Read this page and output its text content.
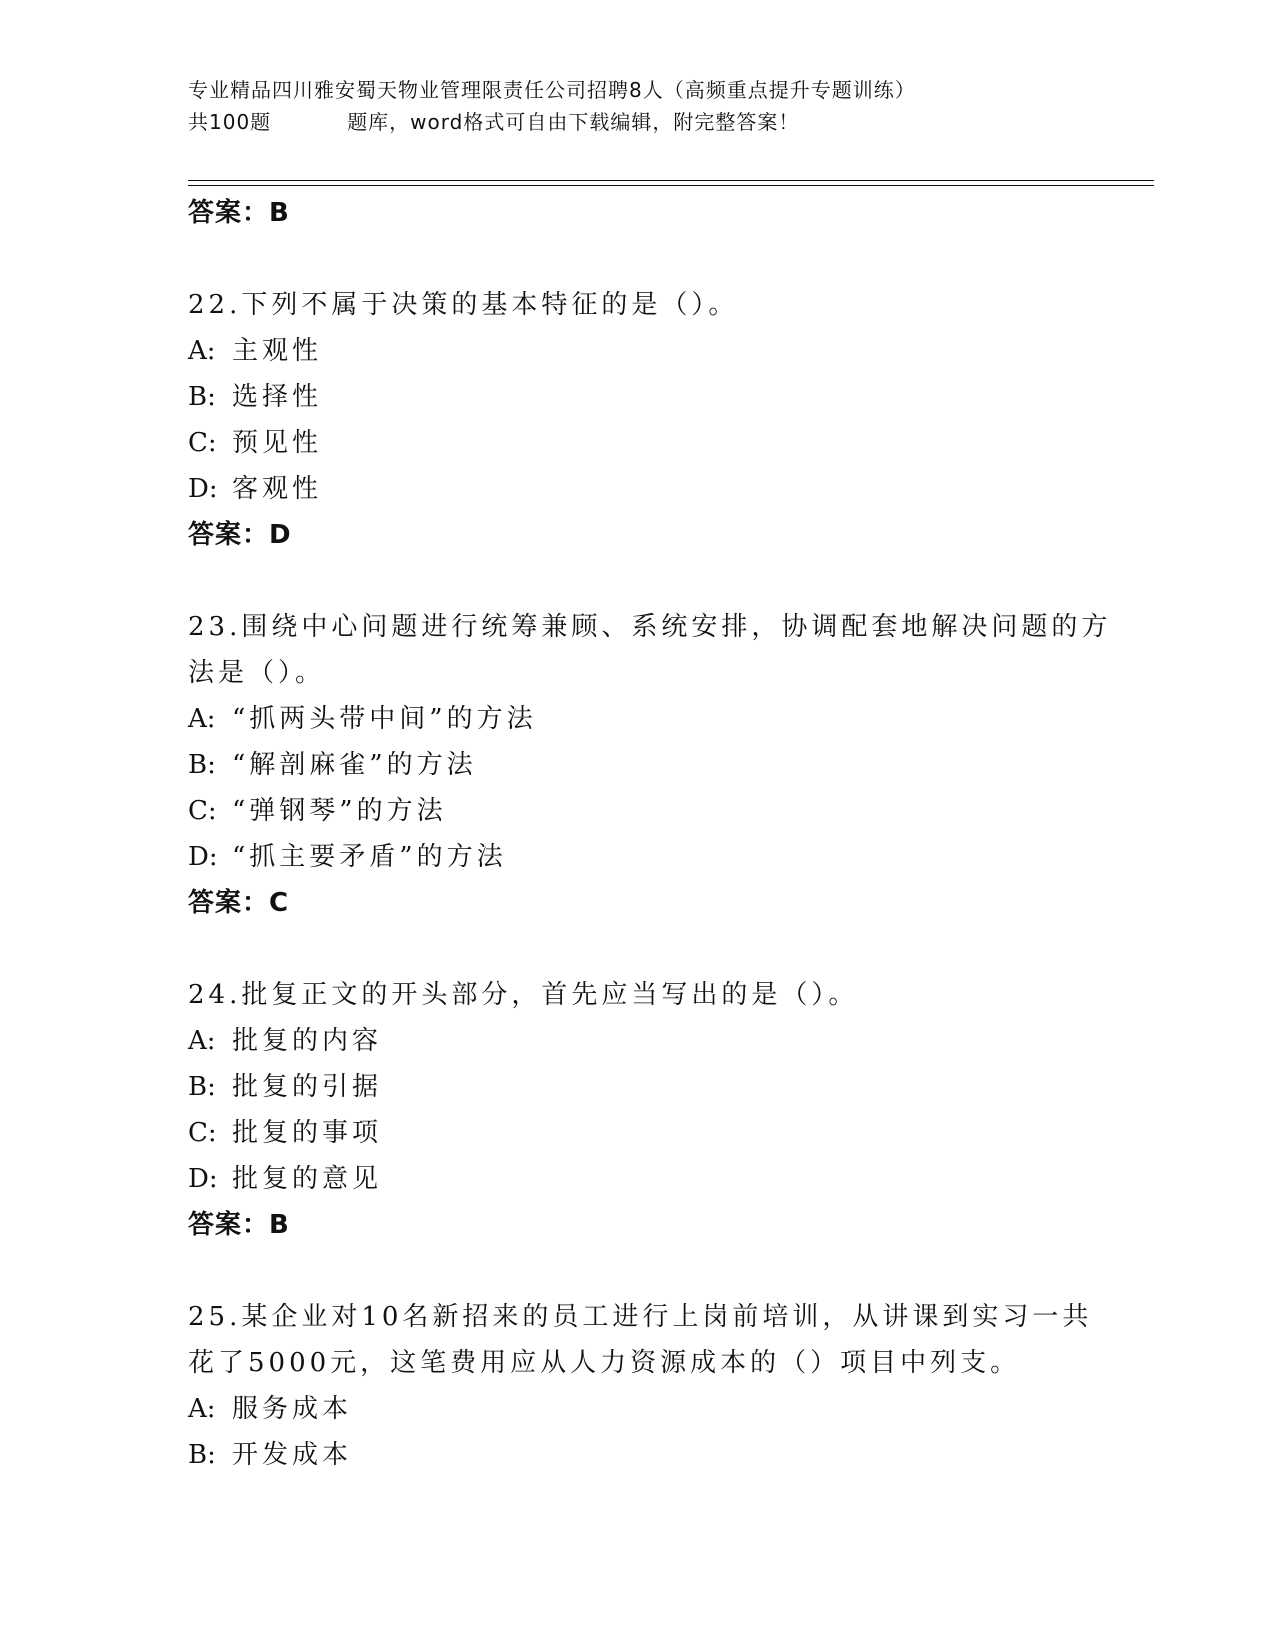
专业精品四川雅安蜀天物业管理限责任公司招聘8人（高频重点提升专题训练）
共100题	题库，word格式可自由下载编辑，附完整答案！
答案：B
22.下列不属于决策的基本特征的是（）。
A: 主观性
B: 选择性
C: 预见性
D: 客观性
答案：D
23.围绕中心问题进行统筹兼顾、系统安排，协调配套地解决问题的方
法是（）。
A: “抓两头带中间”的方法
B: “解剖麻雀”的方法
C: “弹钢琴”的方法
D: “抓主要矛盾”的方法
答案：C
24.批复正文的开头部分，首先应当写出的是（）。
A: 批复的内容
B: 批复的引据
C: 批复的事项
D: 批复的意见
答案：B
25.某企业对10名新招来的员工进行上岗前培训，从讲课到实习一共
花了5000元，这笔费用应从人力资源成本的（）项目中列支。
A: 服务成本
B: 开发成本
